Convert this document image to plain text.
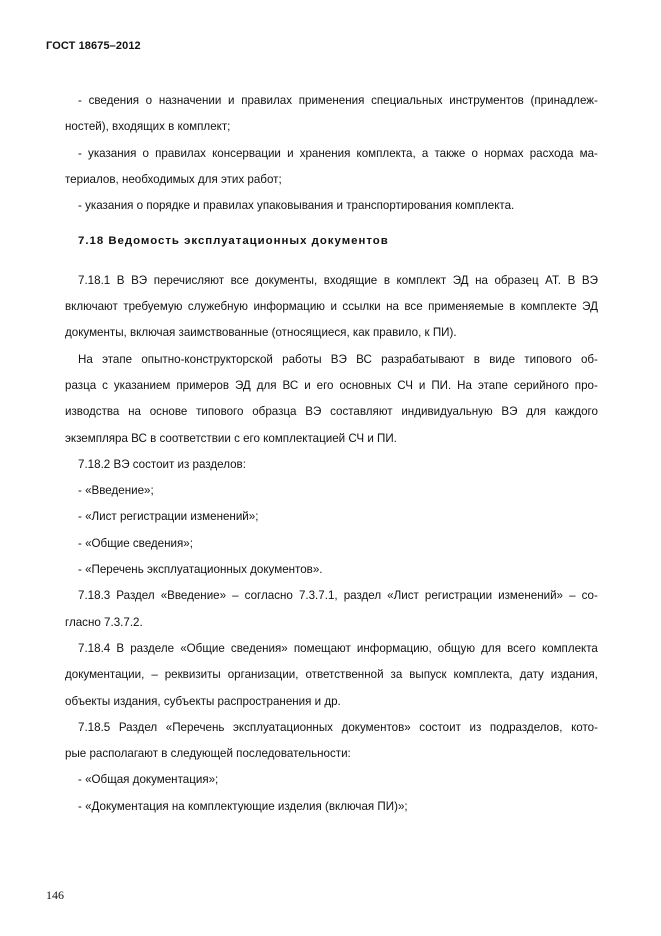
ГОСТ 18675–2012
- сведения о назначении и правилах применения специальных инструментов (принадлеж-
ностей), входящих в комплект;
- указания о правилах консервации и хранения комплекта, а также о нормах расхода ма-
териалов, необходимых для этих работ;
- указания о порядке и правилах упаковывания и транспортирования комплекта.
7.18 Ведомость эксплуатационных документов
7.18.1 В ВЭ перечисляют все документы, входящие в комплект ЭД на образец АТ. В ВЭ
включают требуемую служебную информацию и ссылки на все применяемые в комплекте ЭД
документы, включая заимствованные (относящиеся, как правило, к ПИ).
На этапе опытно-конструкторской работы ВЭ ВС разрабатывают в виде типового об-
разца с указанием примеров ЭД для ВС и его основных СЧ и ПИ. На этапе серийного про-
изводства на основе типового образца ВЭ составляют индивидуальную ВЭ для каждого
экземпляра ВС в соответствии с его комплектацией СЧ и ПИ.
7.18.2 ВЭ состоит из разделов:
- «Введение»;
- «Лист регистрации изменений»;
- «Общие сведения»;
- «Перечень эксплуатационных документов».
7.18.3 Раздел «Введение» – согласно 7.3.7.1, раздел «Лист регистрации изменений» – со-
гласно 7.3.7.2.
7.18.4 В разделе «Общие сведения» помещают информацию, общую для всего комплекта
документации, – реквизиты организации, ответственной за выпуск комплекта, дату издания,
объекты издания, субъекты распространения и др.
7.18.5 Раздел «Перечень эксплуатационных документов» состоит из подразделов, кото-
рые располагают в следующей последовательности:
- «Общая документация»;
- «Документация на комплектующие изделия (включая ПИ)»;
146
